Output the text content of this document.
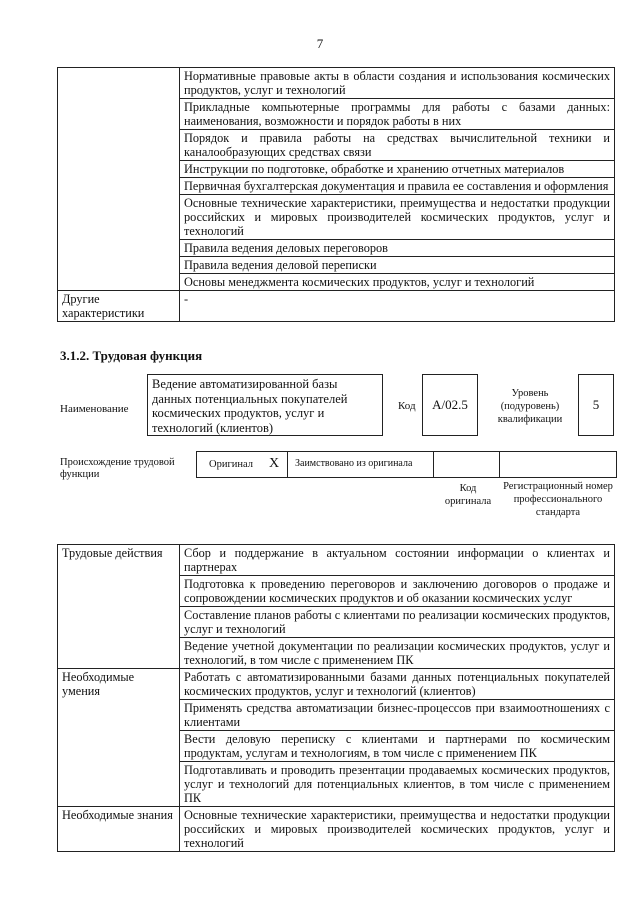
7
	Нормативные правовые акты в области создания и использования космических продуктов, услуг и технологий
	Прикладные компьютерные программы для работы с базами данных: наименования, возможности и порядок работы в них
	Порядок и правила работы на средствах вычислительной техники и каналообразующих средствах связи
	Инструкции по подготовке, обработке и хранению отчетных материалов
	Первичная бухгалтерская документация и правила ее составления и оформления
	Основные технические характеристики, преимущества и недостатки продукции российских и мировых производителей космических продуктов, услуг и технологий
	Правила ведения деловых переговоров
	Правила ведения деловой переписки
	Основы менеджмента космических продуктов, услуг и технологий
Другие характеристики	-
3.1.2. Трудовая функция
Наименование
Ведение автоматизированной базы данных потенциальных покупателей космических продуктов, услуг и технологий (клиентов)
Код	A/02.5
Уровень (подуровень) квалификации
5
Происхождение трудовой функции
Оригинал X Заимствовано из оригинала
Код оригинала
Регистрационный номер профессионального стандарта
Трудовые действия	Сбор и поддержание в актуальном состоянии информации о клиентах и партнерах
	Подготовка к проведению переговоров и заключению договоров о продаже и сопровождении космических продуктов и об оказании космических услуг
	Составление планов работы с клиентами по реализации космических продуктов, услуг и технологий
	Ведение учетной документации по реализации космических продуктов, услуг и технологий, в том числе с применением ПК
Необходимые умения	Работать с автоматизированными базами данных потенциальных покупателей космических продуктов, услуг и технологий (клиентов)
	Применять средства автоматизации бизнес-процессов при взаимоотношениях с клиентами
	Вести деловую переписку с клиентами и партнерами по космическим продуктам, услугам и технологиям, в том числе с применением ПК
	Подготавливать и проводить презентации продаваемых космических продуктов, услуг и технологий для потенциальных клиентов, в том числе с применением ПК
Необходимые знания	Основные технические характеристики, преимущества и недостатки продукции российских и мировых производителей космических продуктов, услуг и технологий
